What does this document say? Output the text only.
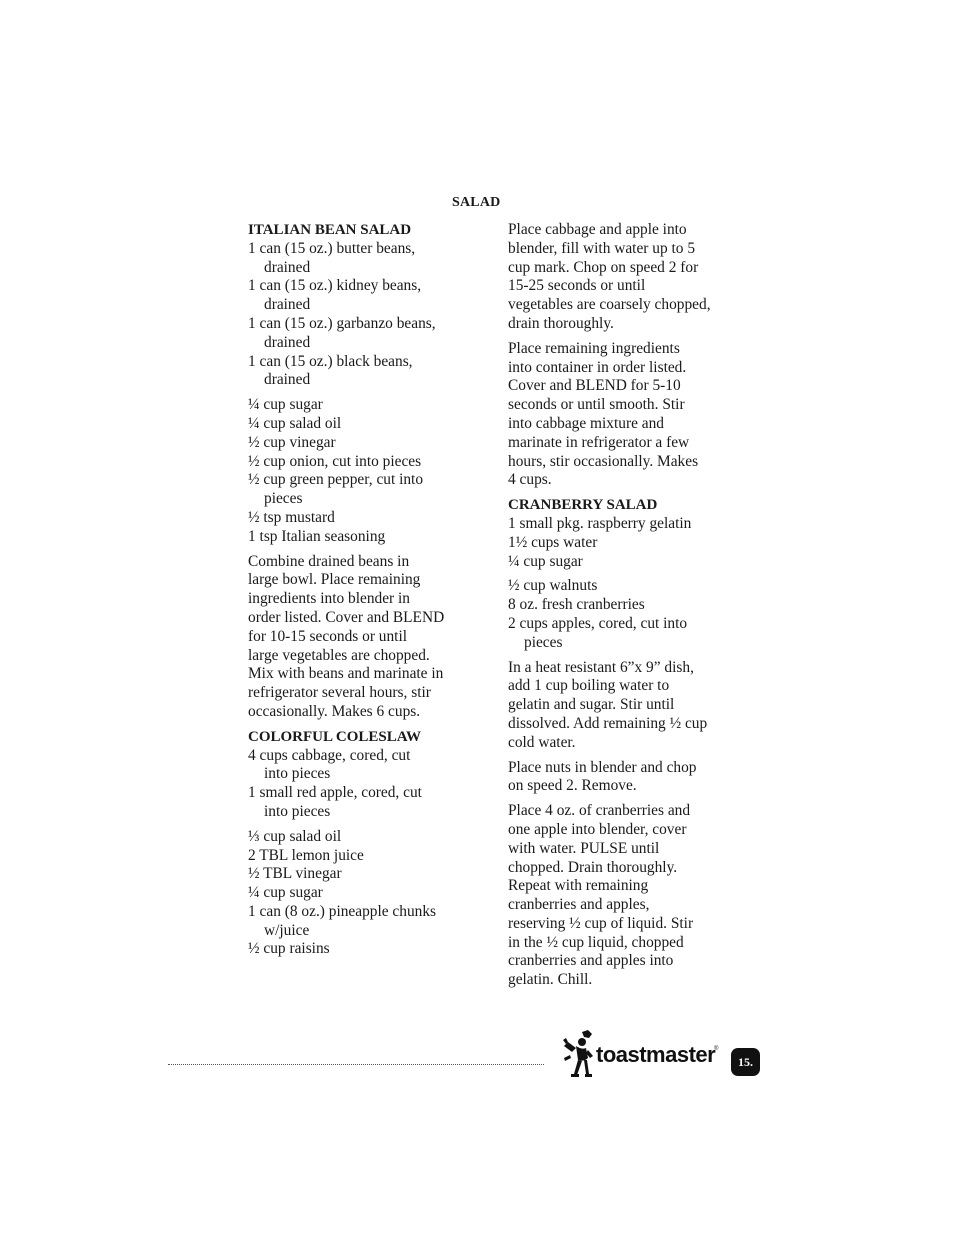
SALAD
ITALIAN BEAN SALAD
1 can (15 oz.) butter beans,
drained
1 can (15 oz.) kidney beans,
drained
1 can (15 oz.) garbanzo beans,
drained
1 can (15 oz.) black beans,
drained
¼ cup sugar
¼ cup salad oil
½ cup vinegar
½ cup onion, cut into pieces
½ cup green pepper, cut into
pieces
½ tsp mustard
1 tsp Italian seasoning
Combine drained beans in
large bowl. Place remaining
ingredients into blender in
order listed. Cover and BLEND
for 10-15 seconds or until
large vegetables are chopped.
Mix with beans and marinate in
refrigerator several hours, stir
occasionally. Makes 6 cups.
COLORFUL COLESLAW
4 cups cabbage, cored, cut
into pieces
1 small red apple, cored, cut
into pieces
⅓ cup salad oil
2 TBL lemon juice
½ TBL vinegar
¼ cup sugar
1 can (8 oz.) pineapple chunks
w/juice
½ cup raisins
Place cabbage and apple into
blender, fill with water up to 5
cup mark. Chop on speed 2 for
15-25 seconds or until
vegetables are coarsely chopped,
drain thoroughly.
Place remaining ingredients
into container in order listed.
Cover and BLEND for 5-10
seconds or until smooth. Stir
into cabbage mixture and
marinate in refrigerator a few
hours, stir occasionally. Makes
4 cups.
CRANBERRY SALAD
1 small pkg. raspberry gelatin
1½ cups water
¼ cup sugar
½ cup walnuts
8 oz. fresh cranberries
2 cups apples, cored, cut into
pieces
In a heat resistant 6”x 9” dish,
add 1 cup boiling water to
gelatin and sugar. Stir until
dissolved. Add remaining ½ cup
cold water.
Place nuts in blender and chop
on speed 2. Remove.
Place 4 oz. of cranberries and
one apple into blender, cover
with water. PULSE until
chopped. Drain thoroughly.
Repeat with remaining
cranberries and apples,
reserving ½ cup of liquid. Stir
in the ½ cup liquid, chopped
cranberries and apples into
gelatin. Chill.
toastmaster
®
15.
